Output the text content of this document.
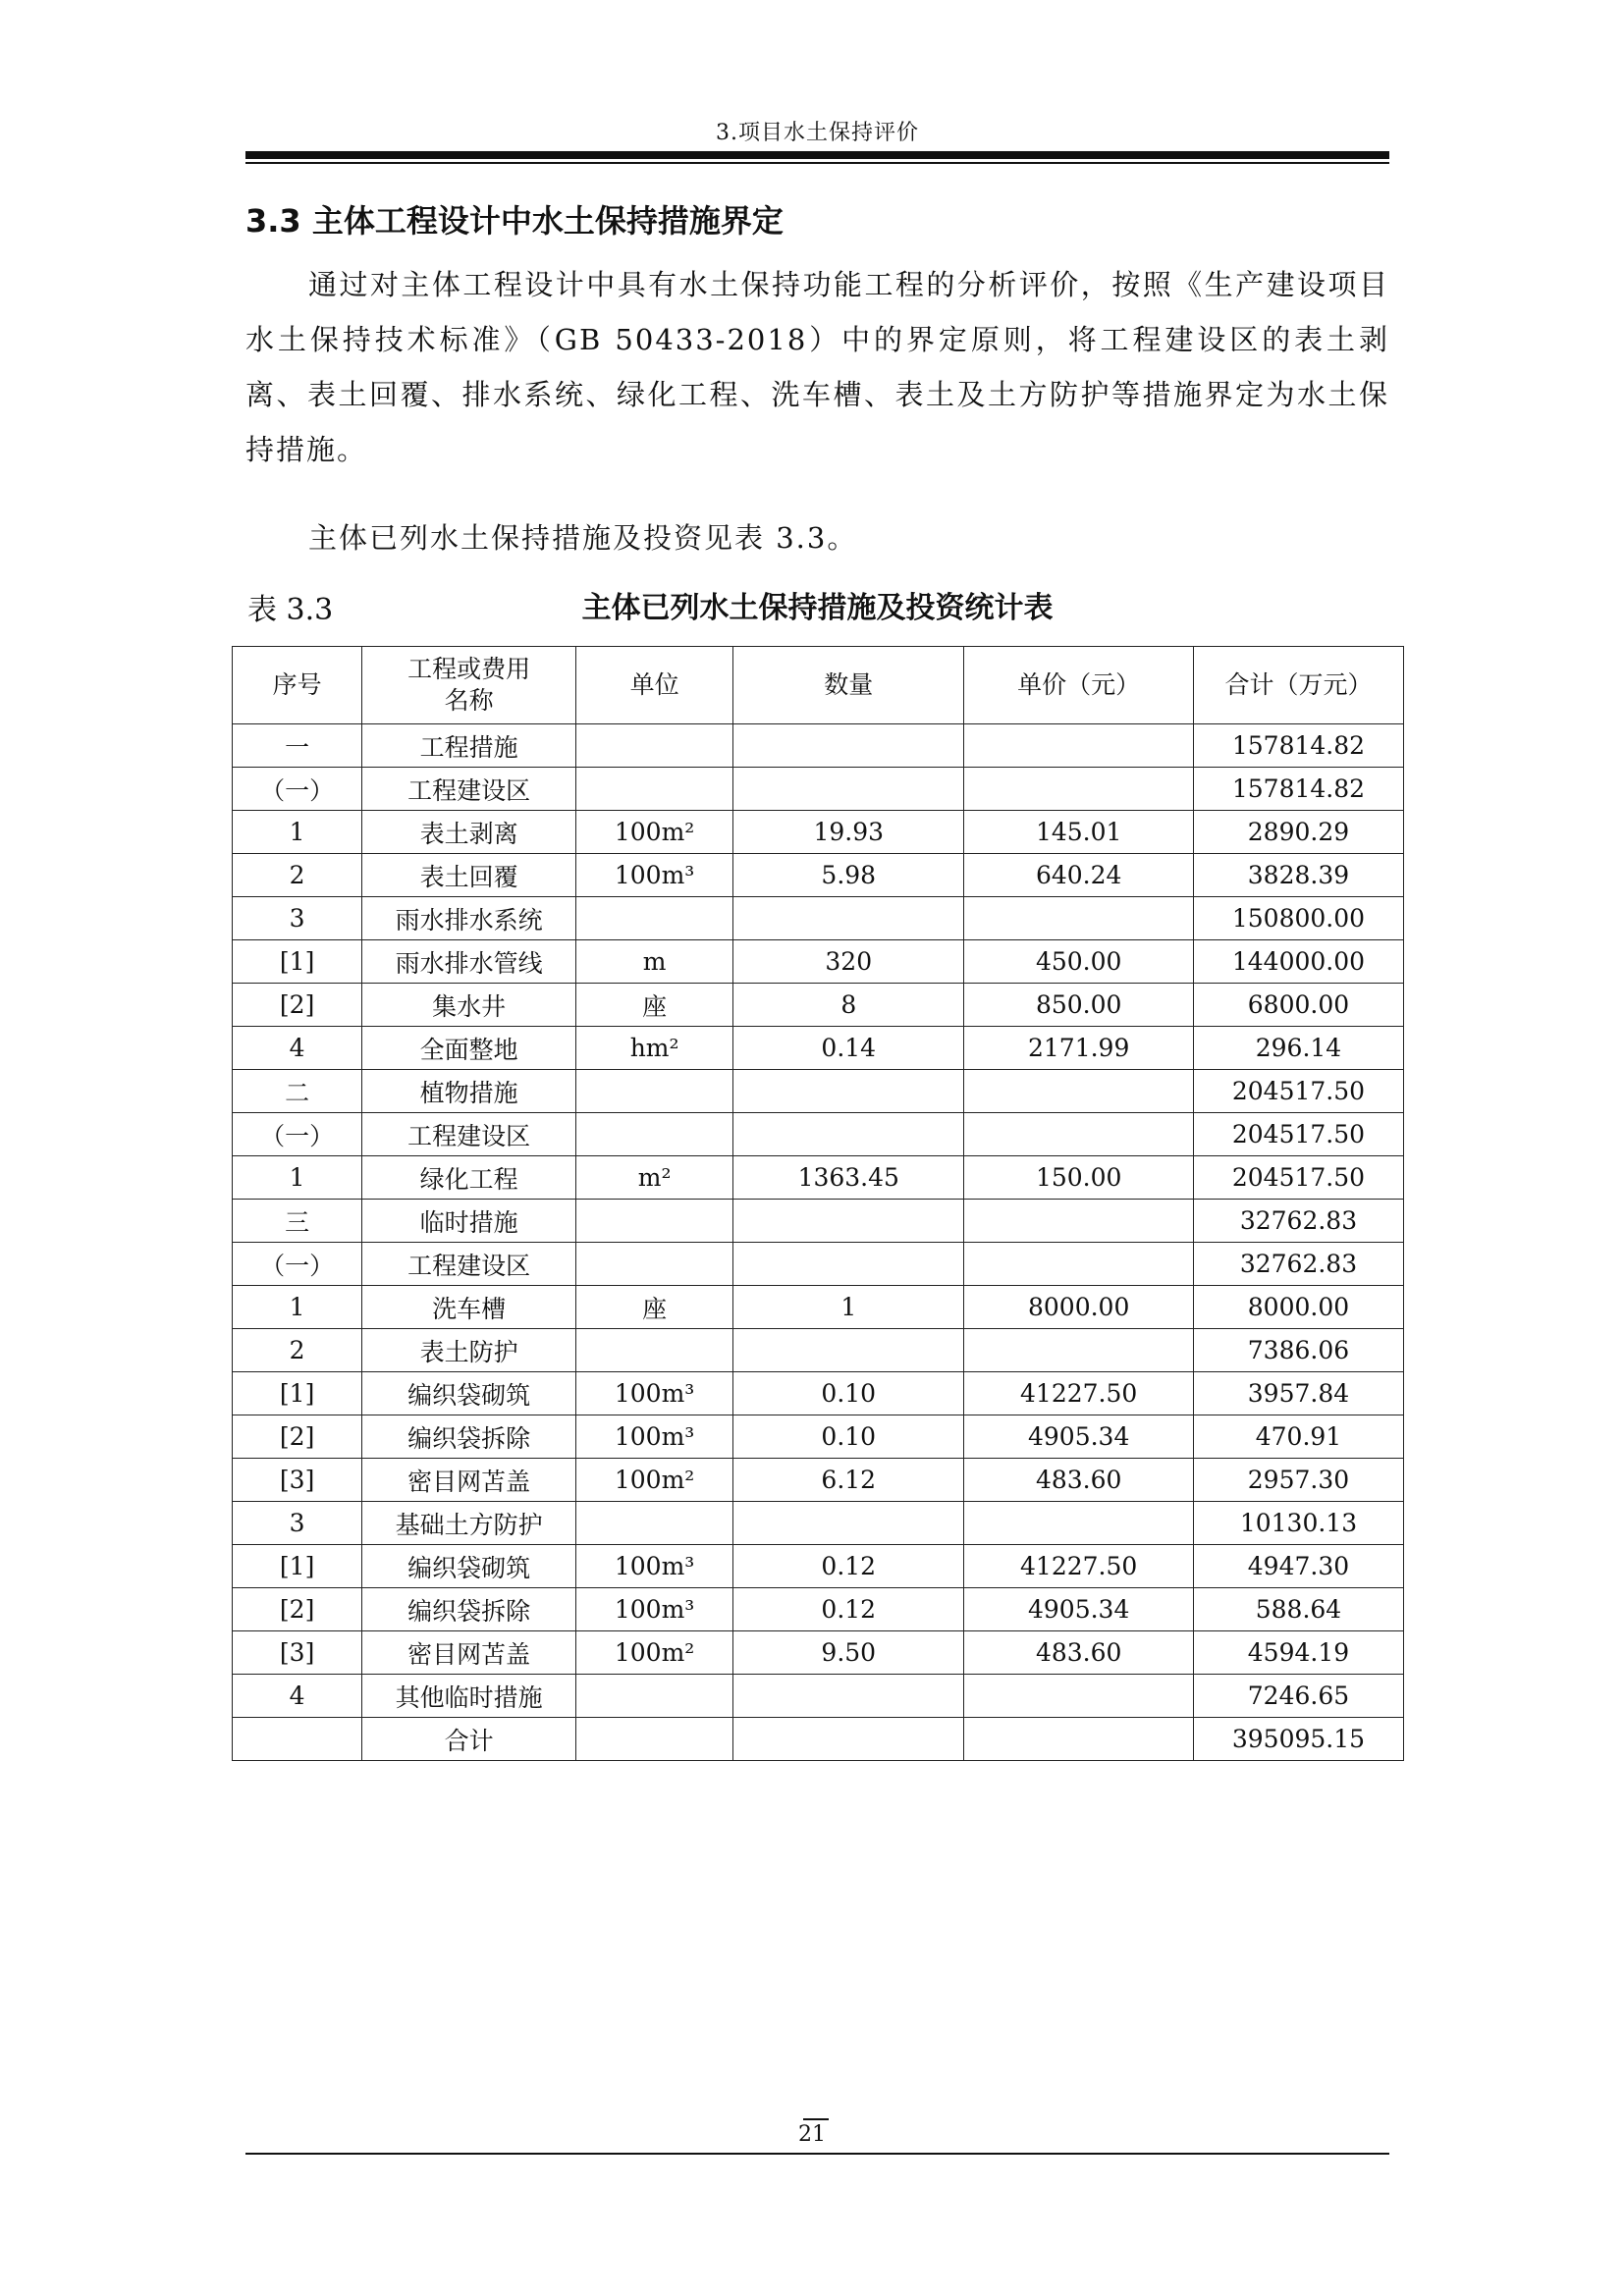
3.项目水土保持评价
3.3 主体工程设计中水土保持措施界定

通过对主体工程设计中具有水土保持功能工程的分析评价，按照《生产建设项目水土保持技术标准》（GB 50433-2018）中的界定原则，将工程建设区的表土剥离、表土回覆、排水系统、绿化工程、洗车槽、表土及土方防护等措施界定为水土保持措施。

主体已列水土保持措施及投资见表 3.3。

表 3.3	主体已列水土保持措施及投资统计表
序号	工程或费用名称	单位	数量	单价（元）	合计（万元）
一	工程措施				157814.82
（一）	工程建设区				157814.82
1	表土剥离	100m²	19.93	145.01	2890.29
2	表土回覆	100m³	5.98	640.24	3828.39
3	雨水排水系统				150800.00
[1]	雨水排水管线	m	320	450.00	144000.00
[2]	集水井	座	8	850.00	6800.00
4	全面整地	hm²	0.14	2171.99	296.14
二	植物措施				204517.50
（一）	工程建设区				204517.50
1	绿化工程	m²	1363.45	150.00	204517.50
三	临时措施				32762.83
（一）	工程建设区				32762.83
1	洗车槽	座	1	8000.00	8000.00
2	表土防护				7386.06
[1]	编织袋砌筑	100m³	0.10	41227.50	3957.84
[2]	编织袋拆除	100m³	0.10	4905.34	470.91
[3]	密目网苫盖	100m²	6.12	483.60	2957.30
3	基础土方防护				10130.13
[1]	编织袋砌筑	100m³	0.12	41227.50	4947.30
[2]	编织袋拆除	100m³	0.12	4905.34	588.64
[3]	密目网苫盖	100m²	9.50	483.60	4594.19
4	其他临时措施				7246.65
	合计				395095.15
21
